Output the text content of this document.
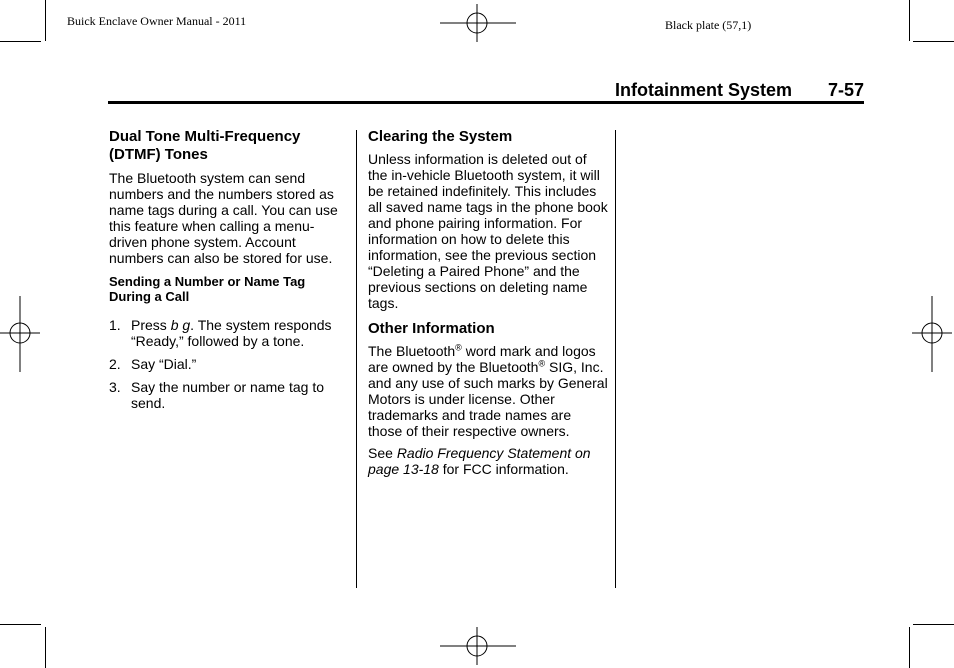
Buick Enclave Owner Manual - 2011	Black plate (57,1)
Infotainment System 7-57
Dual Tone Multi-Frequency (DTMF) Tones

The Bluetooth system can send numbers and the numbers stored as name tags during a call. You can use this feature when calling a menu-driven phone system. Account numbers can also be stored for use.

Sending a Number or Name Tag During a Call
1. Press b g. The system responds “Ready,” followed by a tone.
2. Say “Dial.”
3. Say the number or name tag to send.
Clearing the System

Unless information is deleted out of the in-vehicle Bluetooth system, it will be retained indefinitely. This includes all saved name tags in the phone book and phone pairing information. For information on how to delete this information, see the previous section “Deleting a Paired Phone” and the previous sections on deleting name tags.

Other Information

The Bluetooth® word mark and logos are owned by the Bluetooth® SIG, Inc. and any use of such marks by General Motors is under license. Other trademarks and trade names are those of their respective owners.

See Radio Frequency Statement on page 13-18 for FCC information.
